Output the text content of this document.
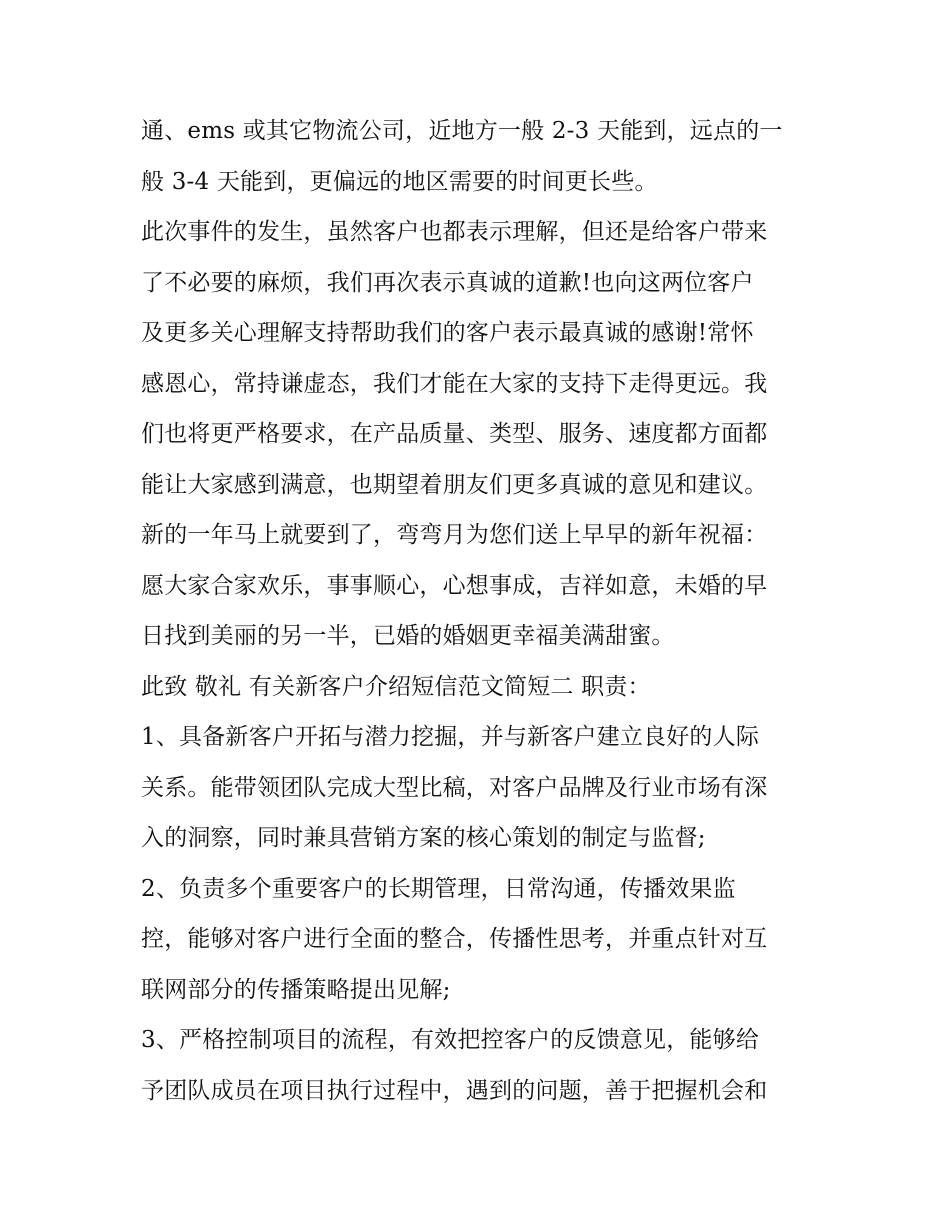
通、ems 或其它物流公司，近地方一般 2-3 天能到，远点的一
般 3-4 天能到，更偏远的地区需要的时间更长些。
此次事件的发生，虽然客户也都表示理解，但还是给客户带来
了不必要的麻烦，我们再次表示真诚的道歉!也向这两位客户
及更多关心理解支持帮助我们的客户表示最真诚的感谢!常怀
感恩心，常持谦虚态，我们才能在大家的支持下走得更远。我
们也将更严格要求，在产品质量、类型、服务、速度都方面都
能让大家感到满意，也期望着朋友们更多真诚的意见和建议。
新的一年马上就要到了，弯弯月为您们送上早早的新年祝福：
愿大家合家欢乐，事事顺心，心想事成，吉祥如意，未婚的早
日找到美丽的另一半，已婚的婚姻更幸福美满甜蜜。
此致 敬礼 有关新客户介绍短信范文简短二 职责：
1、具备新客户开拓与潜力挖掘，并与新客户建立良好的人际
关系。能带领团队完成大型比稿，对客户品牌及行业市场有深
入的洞察，同时兼具营销方案的核心策划的制定与监督;
2、负责多个重要客户的长期管理，日常沟通，传播效果监
控，能够对客户进行全面的整合，传播性思考，并重点针对互
联网部分的传播策略提出见解;
3、严格控制项目的流程，有效把控客户的反馈意见，能够给
予团队成员在项目执行过程中，遇到的问题，善于把握机会和
